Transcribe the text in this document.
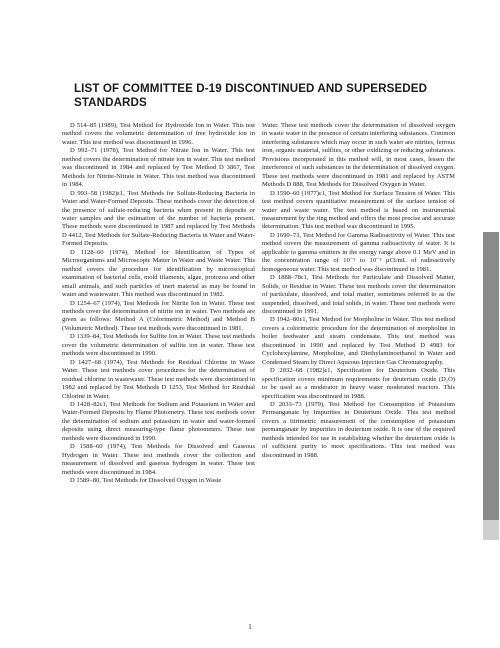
LIST OF COMMITTEE D-19 DISCONTINUED AND SUPERSEDED STANDARDS

D 514–85 (1989), Test Method for Hydroxide Ion in Water. This test method covers the volumetric determination of free hydroxide ion in water. This test method was discontinued in 1996.

D 992–71 (1978), Test Method for Nitrate Ion in Water. This test method covers the determination of nitrate ion in water. This test method was discontinued in 1984 and replaced by Test Method D 3867, Test Methods for Nitrite-Nitrate in Water. This test method was discontinued in 1984.

D 993–58 (1982)ε1, Test Methods for Sulfate-Reducing Bacteria in Water and Water-Formed Deposits. These methods cover the detection of the presence of sulfate-reducing bacteria when present in deposits or water samples and the estimation of the number of bacteria present. These methods were discontinued in 1987 and replaced by Test Methods D 4412, Test Methods for Sulfate-Reducing Bacteria in Water and Water-Formed Deposits.

D 1128–60 (1974), Method for Identification of Types of Microorganisms and Microscopic Matter in Water and Waste Water. This method covers the procedure for identification by microscopical examination of bacterial cells, mold filaments, algae, protozoa and other small animals, and such particles of inert material as may be found in water and wastewater. This method was discontinued in 1982.

D 1254–67 (1974), Test Methods for Nitrite Ion in Water. These test methods cover the determination of nitrite ion in water. Two methods are given as follows: Method A (Colorimetric Method) and Method B (Volumetric Method). These test methods were discontinued in 1981.

D 1339–84, Test Methods for Sulfite Ion in Water. These test methods cover the volumetric determination of sulfite ion in water. These test methods were discontinued in 1990.

D 1427–68 (1974), Test Methods for Residual Chlorine in Waste Water. These test methods cover procedures for the determination of residual chlorine in wastewater. These test methods were discontinued in 1982 and replaced by Test Methods D 1253, Test Method for Residual Chlorine in Water.

D 1428–82ε1, Test Methods for Sodium and Potassium in Water and Water-Formed Deposits by Flame Photometry. These test methods cover the determination of sodium and potassium in water and water-formed deposits using direct measuring-type flame photometers. These test methods were discontinued in 1990.

D 1588–60 (1974), Test Methods for Dissolved and Gaseous Hydrogen in Water. These test methods cover the collection and measurement of dissolved and gaseous hydrogen in water. These test methods were discontinued in 1984.

D 1589–80, Test Methods for Dissolved Oxygen in Waste

Water. These test methods cover the determination of dissolved oxygen in waste water in the presence of certain interfering substances. Common interfering substances which may occur in such water are nitrites, ferrous iron, organic material, sulfites, or other oxidizing or reducing substances. Provisions incorporated in this method will, in most cases, lessen the interference of such substances in the determination of dissolved oxygen. These test methods were discontinued in 1981 and replaced by ASTM Methods D 888, Test Methods for Dissolved Oxygen in Water.

D 1590–60 (1977)ε1, Test Method for Surface Tension of Water. This test method covers quantitative measurement of the surface tension of water and waste water. The test method is based on instrumental measurement by the ring method and offers the most precise and accurate determination. This test method was discontinued in 1995.

D 1690–73, Test Method for Gamma Radioactivity of Water. This test method covers the measurement of gamma radioactivity of water. It is applicable to gamma emitters in the energy range above 0.1 MeV and in the concentration range of 10⁻⁵ to 10⁻³ µCi/mL of radioactively homogeneous water. This test method was discontinued in 1981.

D 1888–78ε1, Test Methods for Particulate and Dissolved Matter, Solids, or Residue in Water. These test methods cover the determination of particulate, dissolved, and total matter, sometimes referred to as the suspended, dissolved, and total solids, in water. These test methods were discontinued in 1991.

D 1942–80ε1, Test Method for Morpholine in Water. This test method covers a colorimetric procedure for the determination of morpholine in boiler feedwater and steam condensate. This test method was discontinued in 1990 and replaced by Test Method D 4983 for Cyclohexylamine, Morpholine, and Diethylaminoethanol in Water and Condensed Steam by Direct Aqueous Injection Gas Chromatography.

D 2032–68 (1982)ε1, Specification for Deuterium Oxide. This specification covers minimum requirements for deuterium oxide (D₂O) to be used as a moderator in heavy water moderated reactors. This specification was discontinued in 1988.

D 2033–73 (1979), Test Method for Consumption of Potassium Permanganate by Impurities in Deuterium Oxide. This test method covers a titrimetric measurement of the consumption of potassium permanganate by impurities in deuterium oxide. It is one of the required methods intended for use in establishing whether the deuterium oxide is of sufficient purity to meet specifications. This test method was discontinued in 1988.

1
